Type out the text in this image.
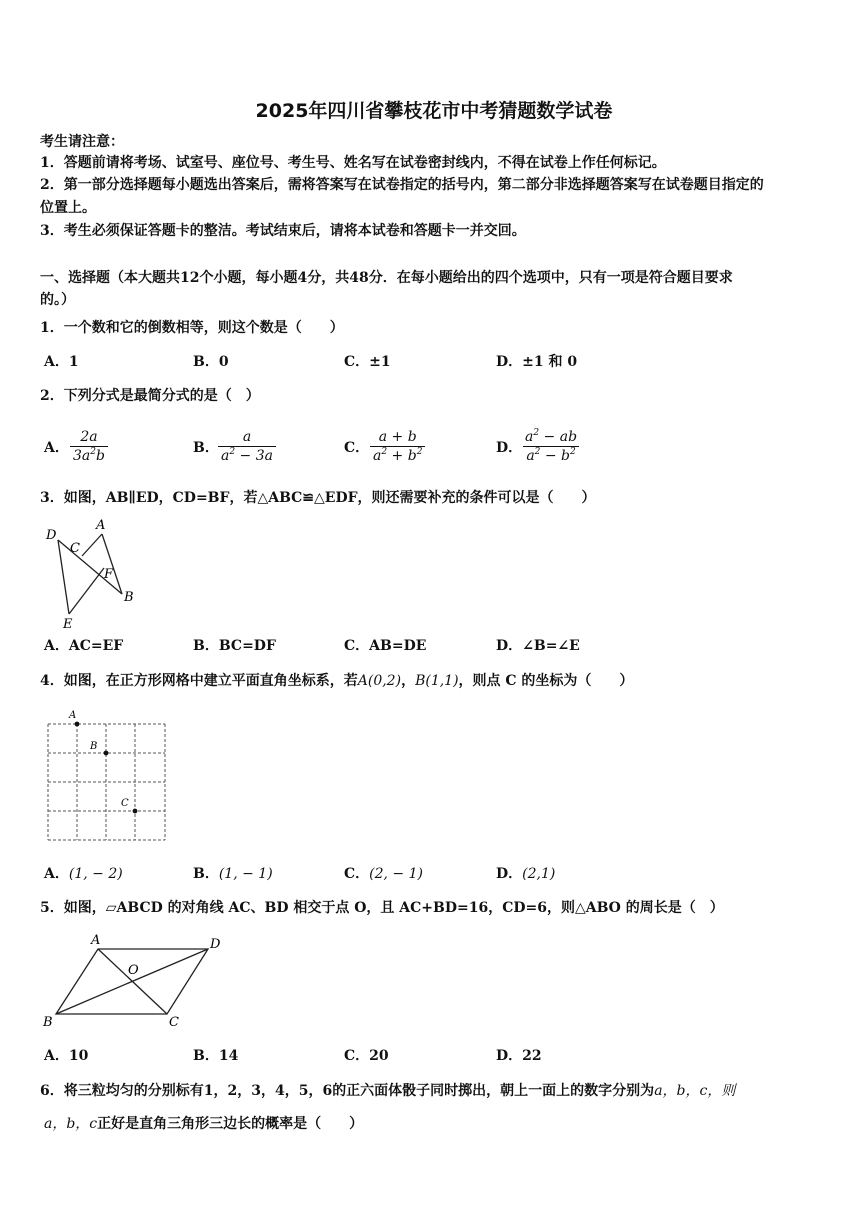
2025年四川省攀枝花市中考猜题数学试卷
考生请注意：
1．答题前请将考场、试室号、座位号、考生号、姓名写在试卷密封线内，不得在试卷上作任何标记。
2．第一部分选择题每小题选出答案后，需将答案写在试卷指定的括号内，第二部分非选择题答案写在试卷题目指定的
位置上。
3．考生必须保证答题卡的整洁。考试结束后，请将本试卷和答题卡一并交回。
一、选择题（本大题共12个小题，每小题4分，共48分．在每小题给出的四个选项中，只有一项是符合题目要求
的。）
1．一个数和它的倒数相等，则这个数是（　　）
A．1	B．0	C．±1	D．±1 和 0
2．下列分式是最简分式的是（　）
A． $\frac{2a}{3a^2b}$	B． $\frac{a}{a^2 - 3a}$	C． $\frac{a + b}{a^2 + b^2}$	D． $\frac{a^2 - ab}{a^2 - b^2}$
3．如图，AB∥ED，CD=BF，若△ABC≌△EDF，则还需要补充的条件可以是（　　）
D
C
A
F
B
E
A．AC=EF	B．BC=DF	C．AB=DE	D．∠B=∠E
4．如图，在正方形网格中建立平面直角坐标系，若A(0,2)，B(1,1)，则点 C 的坐标为（　　）
A
B
C
A．(1, − 2)	B．(1, − 1)	C．(2, − 1)	D．(2,1)
5．如图，▱ABCD 的对角线 AC、BD 相交于点 O，且 AC+BD=16，CD=6，则△ABO 的周长是（　）
A	D
O
B	C
A．10	B．14	C．20	D．22
6．将三粒均匀的分别标有1，2，3，4，5，6的正六面体骰子同时掷出，朝上一面上的数字分别为a，b，c，则
a，b，c正好是直角三角形三边长的概率是（　　）
